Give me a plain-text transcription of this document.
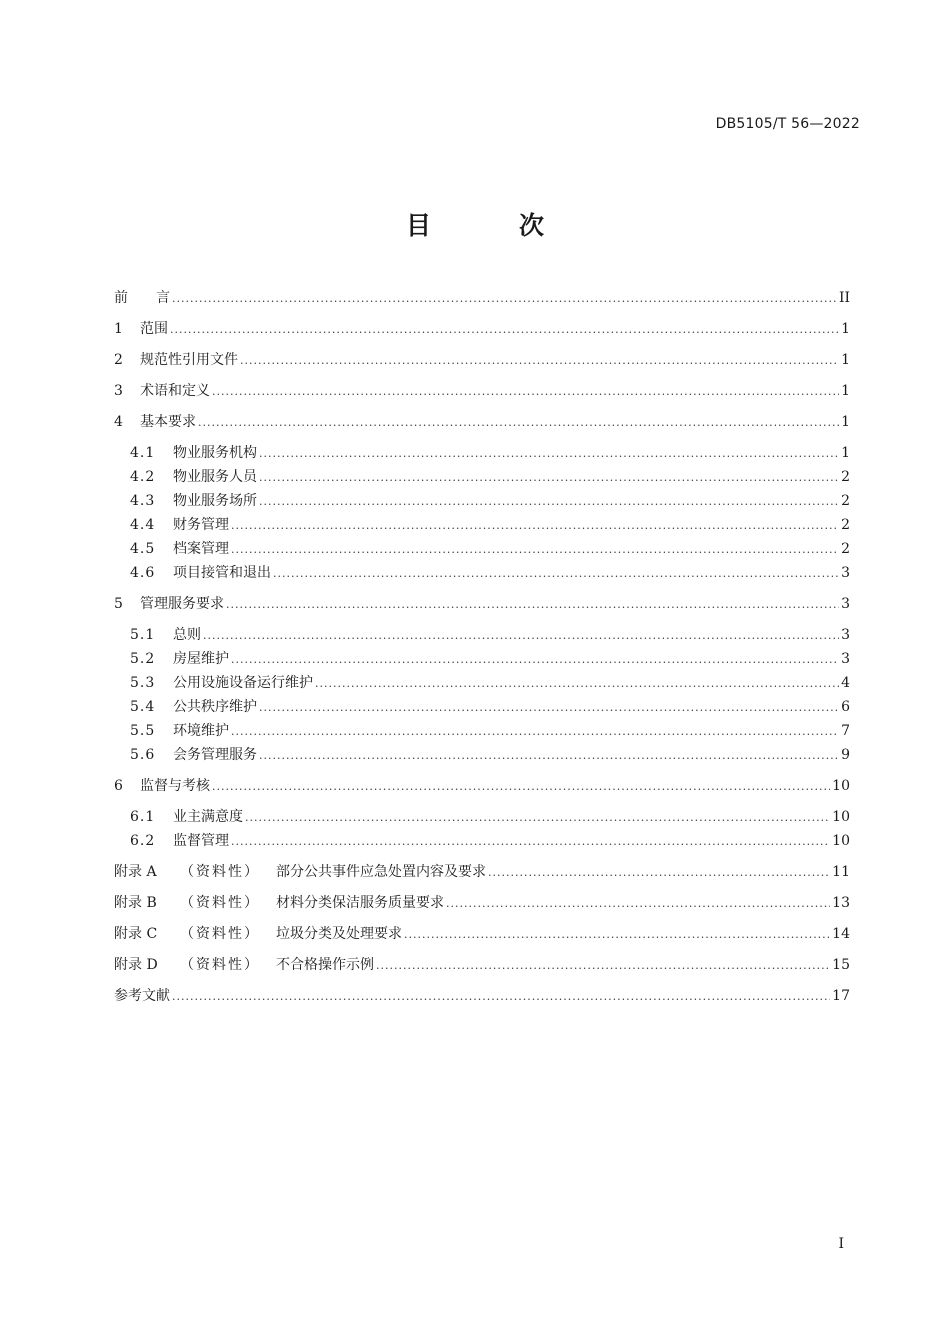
DB5105/T 56—2022
目 次
前　　言 .....	II
1	范围 .....	1
2	规范性引用文件 .....	1
3	术语和定义 .....	1
4	基本要求 .....	1
4.1	物业服务机构 .....	1
4.2	物业服务人员 .....	2
4.3	物业服务场所 .....	2
4.4	财务管理 .....	2
4.5	档案管理 .....	2
4.6	项目接管和退出 .....	3
5	管理服务要求 .....	3
5.1	总则 .....	3
5.2	房屋维护 .....	3
5.3	公用设施设备运行维护 .....	4
5.4	公共秩序维护 .....	6
5.5	环境维护 .....	7
5.6	会务管理服务 .....	9
6	监督与考核 .....	10
6.1	业主满意度 .....	10
6.2	监督管理 .....	10
附录 A	（资料性）	部分公共事件应急处置内容及要求 .....	11
附录 B	（资料性）	材料分类保洁服务质量要求 .....	13
附录 C	（资料性）	垃圾分类及处理要求 .....	14
附录 D	（资料性）	不合格操作示例 .....	15
参考文献 .....	17
I
